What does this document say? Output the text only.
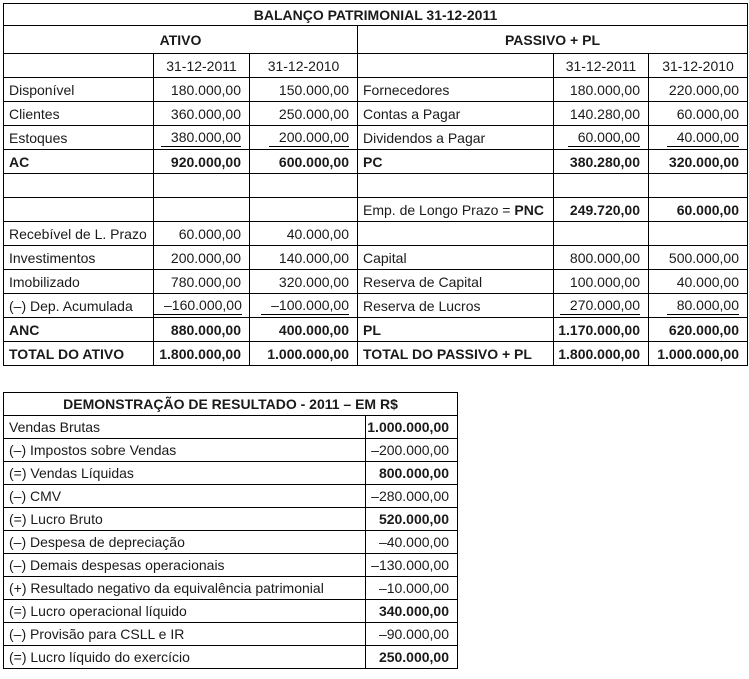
BALANÇO PATRIMONIAL 31-12-2011					
ATIVO			PASSIVO + PL		
	31-12-2011	31-12-2010		31-12-2011	31-12-2010
Disponível	180.000,00	150.000,00	Fornecedores	180.000,00	220.000,00
Clientes	360.000,00	250.000,00	Contas a Pagar	140.280,00	60.000,00
Estoques	380.000,00	200.000,00	Dividendos a Pagar	60.000,00	40.000,00
AC	920.000,00	600.000,00	PC	380.280,00	320.000,00

			Emp. de Longo Prazo = PNC	249.720,00	60.000,00
Recebível de L. Prazo	60.000,00	40.000,00			
Investimentos	200.000,00	140.000,00	Capital	800.000,00	500.000,00
Imobilizado	780.000,00	320.000,00	Reserva de Capital	100.000,00	40.000,00
(–) Dep. Acumulada	–160.000,00	–100.000,00	Reserva de Lucros	270.000,00	80.000,00
ANC	880.000,00	400.000,00	PL	1.170.000,00	620.000,00
TOTAL DO ATIVO	1.800.000,00	1.000.000,00	TOTAL DO PASSIVO + PL	1.800.000,00	1.000.000,00
DEMONSTRAÇÃO DE RESULTADO - 2011 – EM R$	
Vendas Brutas	1.000.000,00
(–) Impostos sobre Vendas	–200.000,00
(=) Vendas Líquidas	800.000,00
(–) CMV	–280.000,00
(=) Lucro Bruto	520.000,00
(–) Despesa de depreciação	–40.000,00
(–) Demais despesas operacionais	–130.000,00
(+) Resultado negativo da equivalência patrimonial	–10.000,00
(=) Lucro operacional líquido	340.000,00
(–) Provisão para CSLL e IR	–90.000,00
(=) Lucro líquido do exercício	250.000,00
